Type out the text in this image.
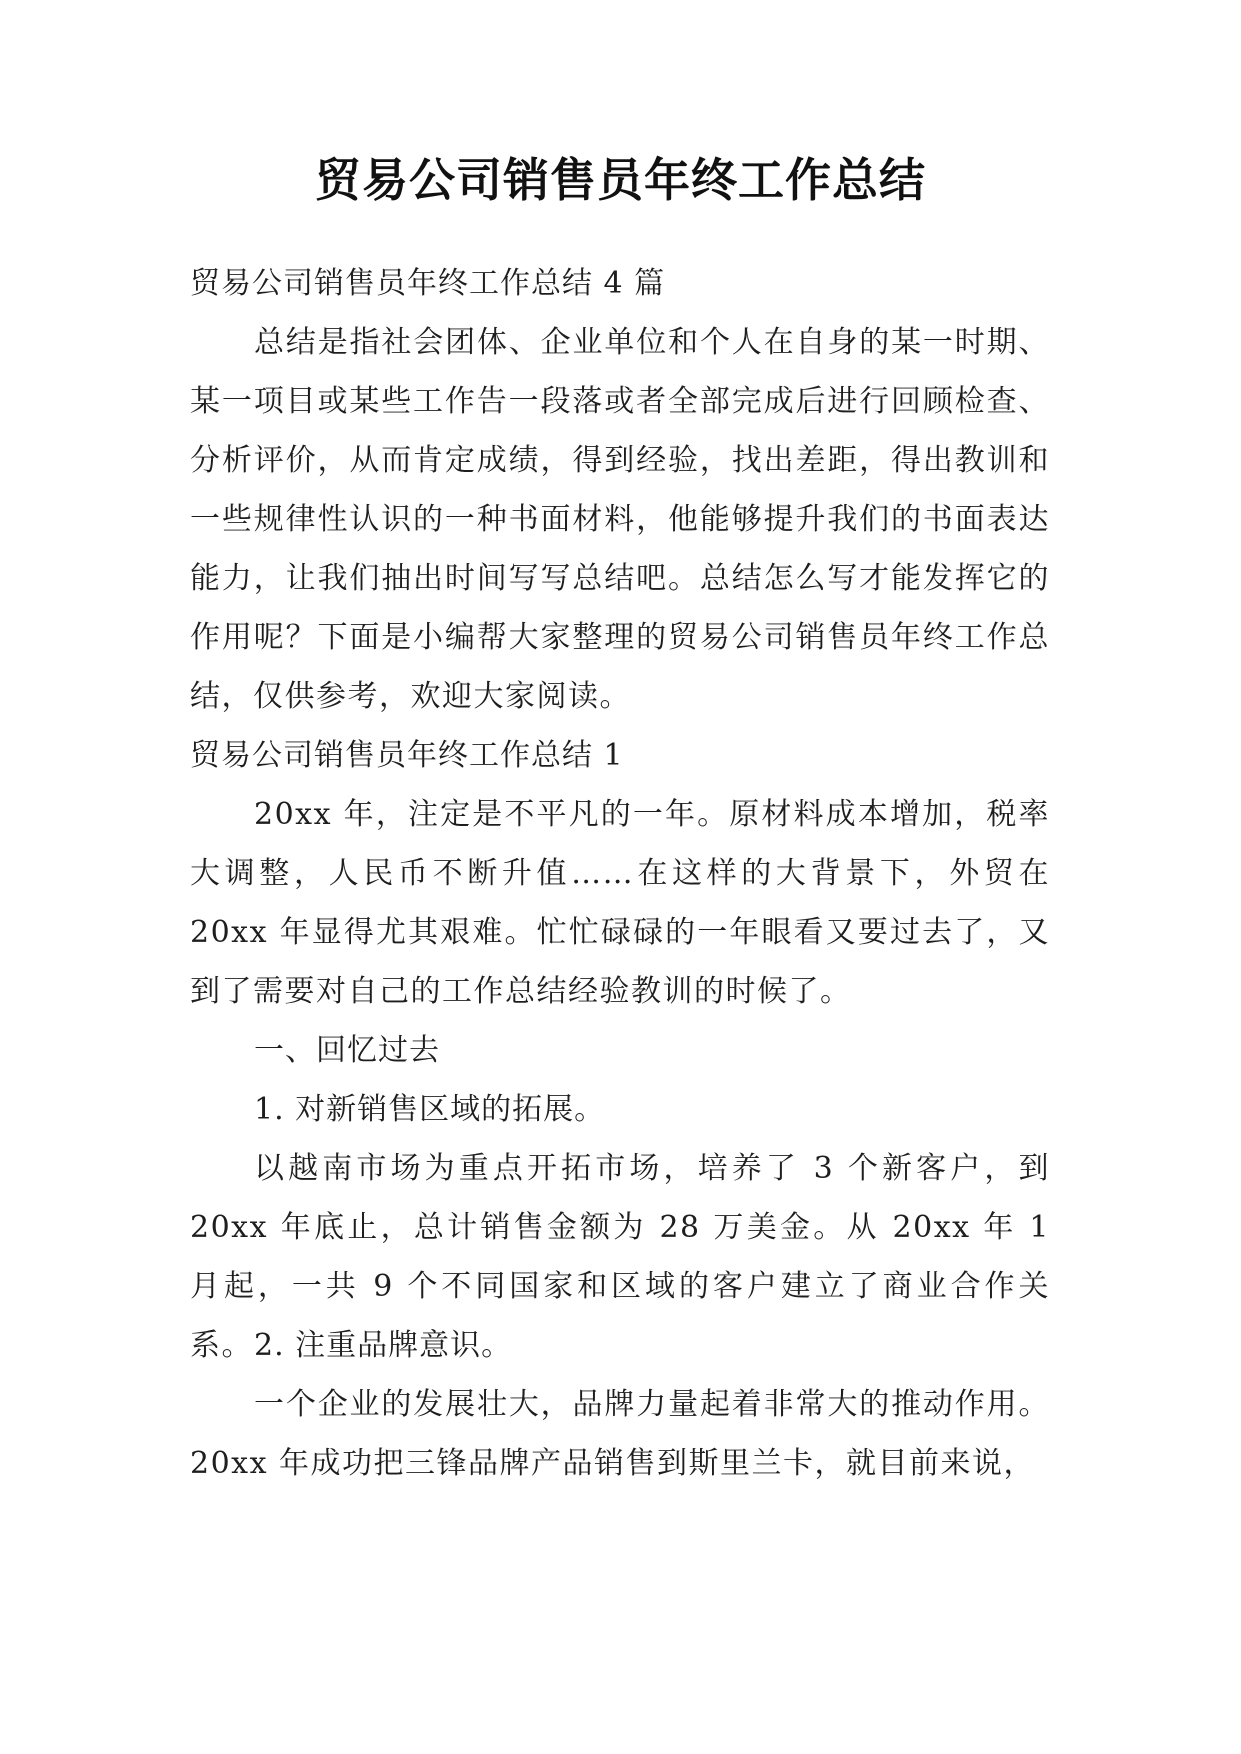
贸易公司销售员年终工作总结

贸易公司销售员年终工作总结 4 篇

总结是指社会团体、企业单位和个人在自身的某一时期、某一项目或某些工作告一段落或者全部完成后进行回顾检查、分析评价，从而肯定成绩，得到经验，找出差距，得出教训和一些规律性认识的一种书面材料，他能够提升我们的书面表达能力，让我们抽出时间写写总结吧。总结怎么写才能发挥它的作用呢？下面是小编帮大家整理的贸易公司销售员年终工作总结，仅供参考，欢迎大家阅读。

贸易公司销售员年终工作总结 1

20xx 年，注定是不平凡的一年。原材料成本增加，税率大调整，人民币不断升值……在这样的大背景下，外贸在 20xx 年显得尤其艰难。忙忙碌碌的一年眼看又要过去了，又到了需要对自己的工作总结经验教训的时候了。

一、回忆过去

1. 对新销售区域的拓展。

以越南市场为重点开拓市场，培养了 3 个新客户，到 20xx 年底止，总计销售金额为 28 万美金。从 20xx 年 1 月起，一共 9 个不同国家和区域的客户建立了商业合作关系。 2. 注重品牌意识。

一个企业的发展壮大，品牌力量起着非常大的推动作用。20xx 年成功把三锋品牌产品销售到斯里兰卡，就目前来说，
